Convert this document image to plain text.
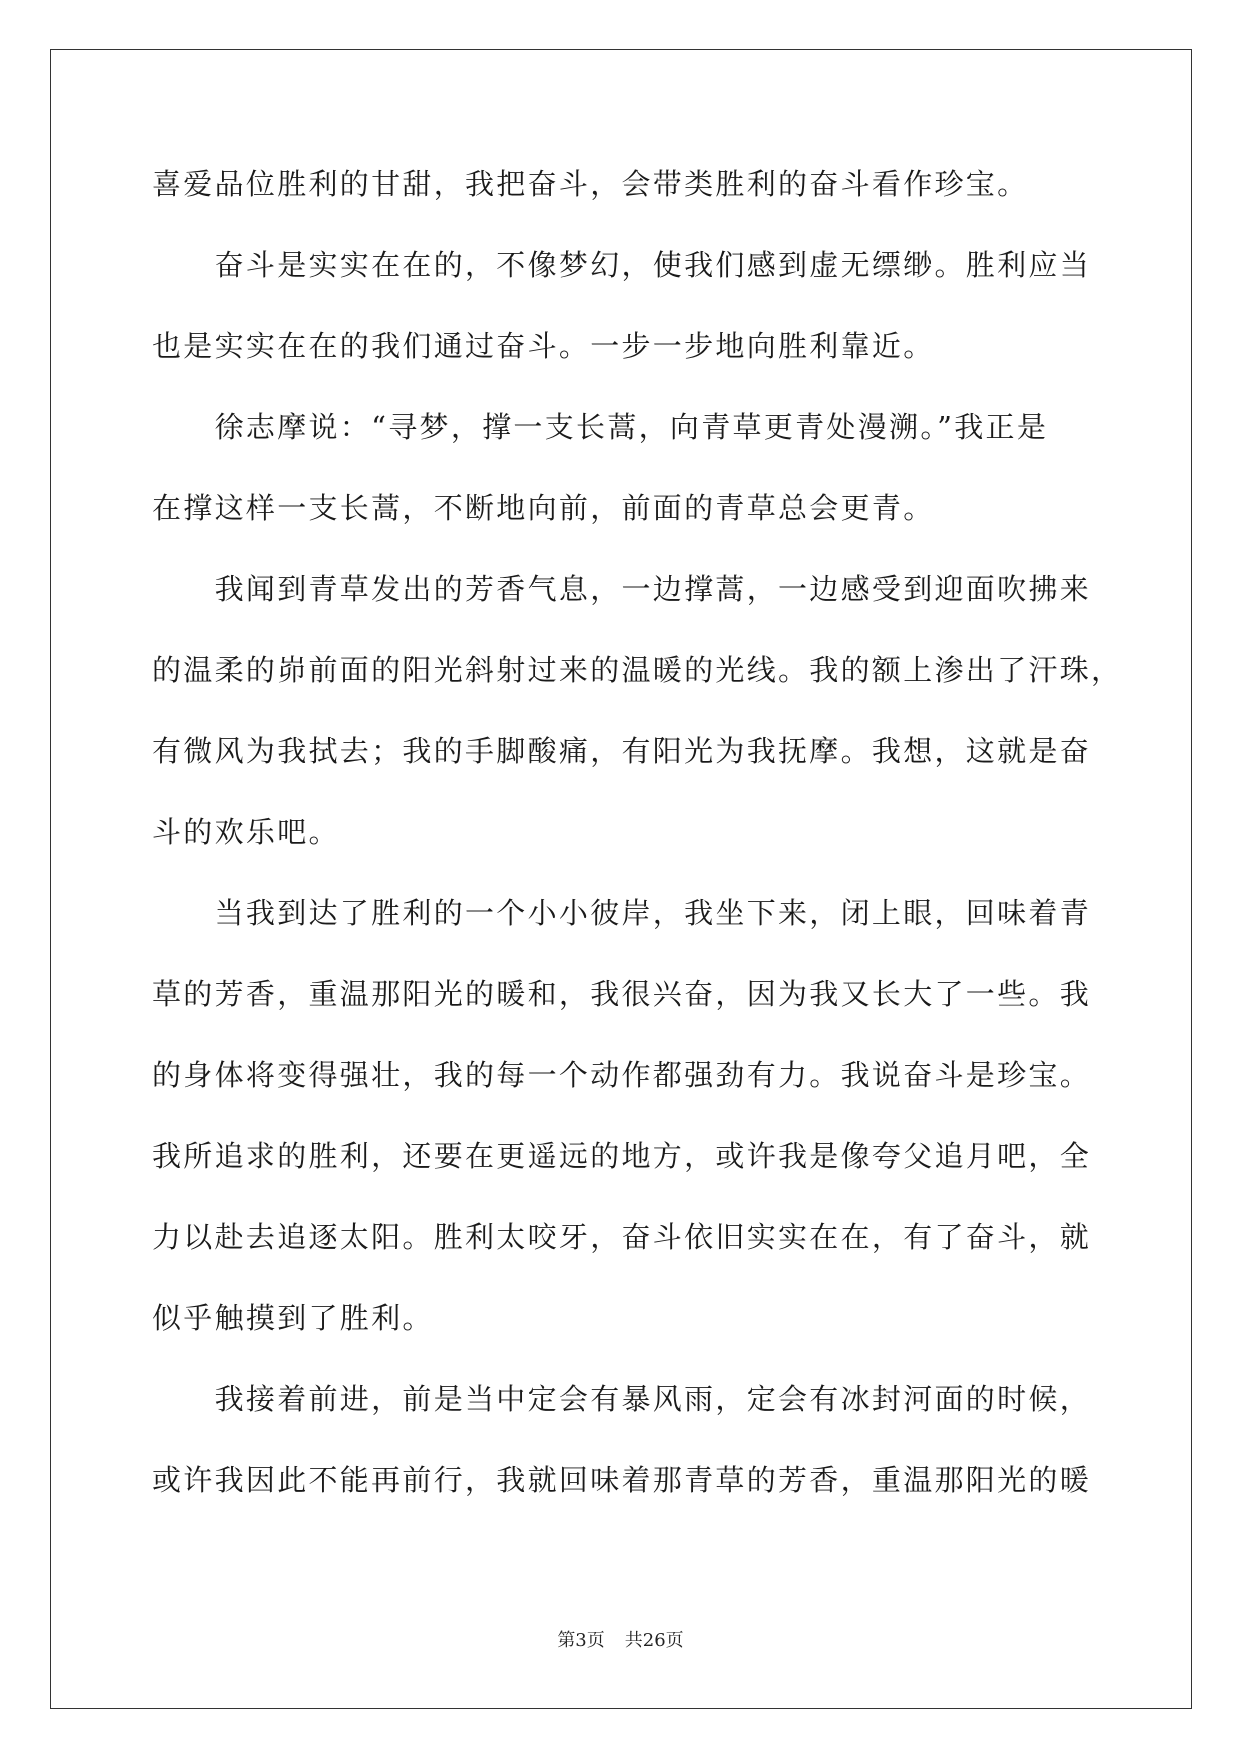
喜爱品位胜利的甘甜，我把奋斗，会带类胜利的奋斗看作珍宝。
　　奋斗是实实在在的，不像梦幻，使我们感到虚无缥缈。胜利应当
也是实实在在的我们通过奋斗。一步一步地向胜利靠近。
　　徐志摩说：“寻梦，撑一支长蒿，向青草更青处漫溯。”我正是
在撑这样一支长蒿，不断地向前，前面的青草总会更青。
　　我闻到青草发出的芳香气息，一边撑蒿，一边感受到迎面吹拂来
的温柔的峁前面的阳光斜射过来的温暖的光线。我的额上渗出了汗珠，
有微风为我拭去；我的手脚酸痛，有阳光为我抚摩。我想，这就是奋
斗的欢乐吧。
　　当我到达了胜利的一个小小彼岸，我坐下来，闭上眼，回味着青
草的芳香，重温那阳光的暖和，我很兴奋，因为我又长大了一些。我
的身体将变得强壮，我的每一个动作都强劲有力。我说奋斗是珍宝。
我所追求的胜利，还要在更遥远的地方，或许我是像夸父追月吧，全
力以赴去追逐太阳。胜利太咬牙，奋斗依旧实实在在，有了奋斗，就
似乎触摸到了胜利。
　　我接着前进，前是当中定会有暴风雨，定会有冰封河面的时候，
或许我因此不能再前行，我就回味着那青草的芳香，重温那阳光的暖
第3页 共26页
